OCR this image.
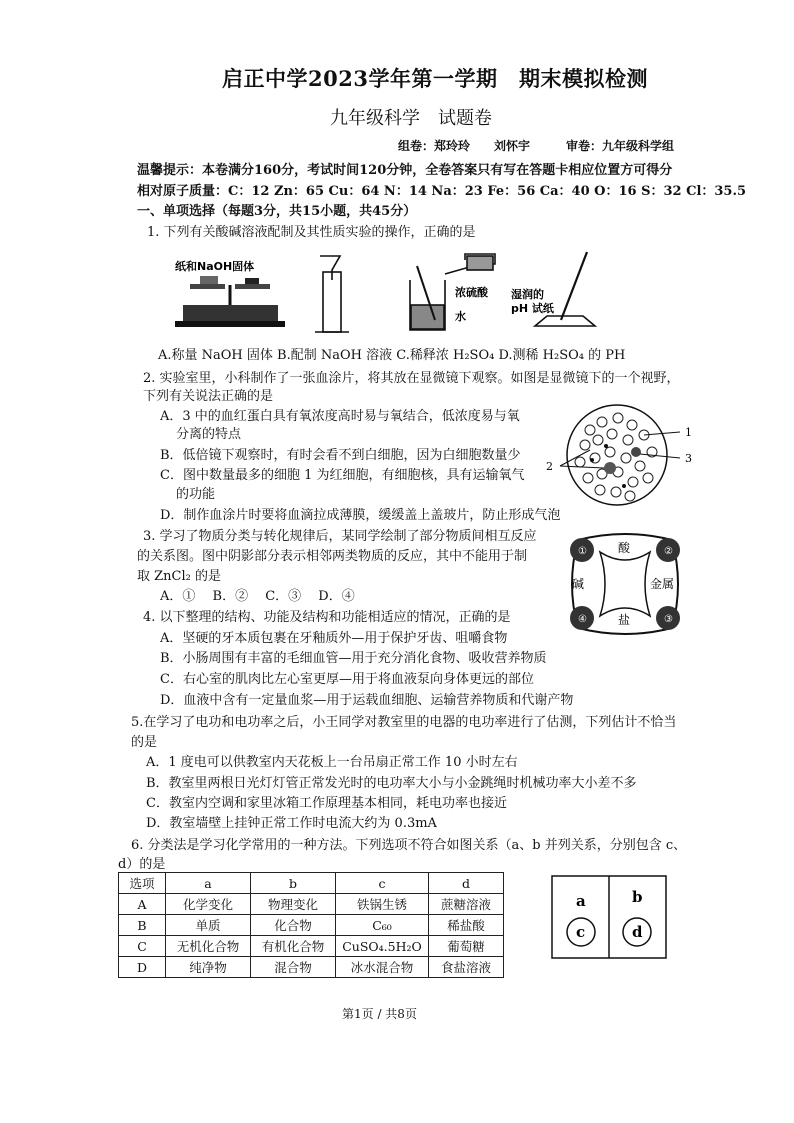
启正中学2023学年第一学期　期末模拟检测
九年级科学　试题卷
组卷：郑玲玲　　刘怀宇　　　审卷：九年级科学组
温馨提示：本卷满分160分，考试时间120分钟，全卷答案只有写在答题卡相应位置方可得分
相对原子质量：C：12 Zn：65 Cu：64 N：14 Na：23 Fe：56 Ca：40 O：16 S：32 Cl：35.5
一、单项选择（每题3分，共15小题，共45分）
1. 下列有关酸碱溶液配制及其性质实验的操作，正确的是
纸和NaOH固体
浓硫酸
水
湿润的
pH 试纸
A.称量 NaOH 固体 B.配制 NaOH 溶液 C.稀释浓 H₂SO₄ D.测稀 H₂SO₄ 的 PH
2. 实验室里，小科制作了一张血涂片，将其放在显微镜下观察。如图是显微镜下的一个视野，
下列有关说法正确的是
A．3 中的血红蛋白具有氧浓度高时易与氧结合，低浓度易与氧
分离的特点
B．低倍镜下观察时，有时会看不到白细胞，因为白细胞数量少
C．图中数量最多的细胞 1 为红细胞，有细胞核，具有运输氧气
的功能
D．制作血涂片时要将血滴拉成薄膜，缓缓盖上盖玻片，防止形成气泡
1
2
3
3. 学习了物质分类与转化规律后，某同学绘制了部分物质间相互反应
的关系图。图中阴影部分表示相邻两类物质的反应，其中不能用于制
取 ZnCl₂ 的是
A．①　 B．②　 C．③　 D．④
①	②
③
④
酸
碱	金属
盐
4. 以下整理的结构、功能及结构和功能相适应的情况，正确的是
A．坚硬的牙本质包裹在牙釉质外—用于保护牙齿、咀嚼食物
B．小肠周围有丰富的毛细血管—用于充分消化食物、吸收营养物质
C．右心室的肌肉比左心室更厚—用于将血液泵向身体更远的部位
D．血液中含有一定量血浆—用于运载血细胞、运输营养物质和代谢产物
5.在学习了电功和电功率之后，小王同学对教室里的电器的电功率进行了估测，下列估计不恰当
的是
A．1 度电可以供教室内天花板上一台吊扇正常工作 10 小时左右
B．教室里两根日光灯灯管正常发光时的电功率大小与小金跳绳时机械功率大小差不多
C．教室内空调和家里冰箱工作原理基本相同，耗电功率也接近
D．教室墙壁上挂钟正常工作时电流大约为 0.3mA
6. 分类法是学习化学常用的一种方法。下列选项不符合如图关系（a、b 并列关系，分别包含 c、
d）的是
选项	a	b	c	d
A	化学变化	物理变化	铁锅生锈	蔗糖溶液
B	单质	化合物	C₆₀	稀盐酸
C	无机化合物	有机化合物	CuSO₄.5H₂O	葡萄糖
D	纯净物	混合物	冰水混合物	食盐溶液
a	b
c	d
第1页 / 共8页
